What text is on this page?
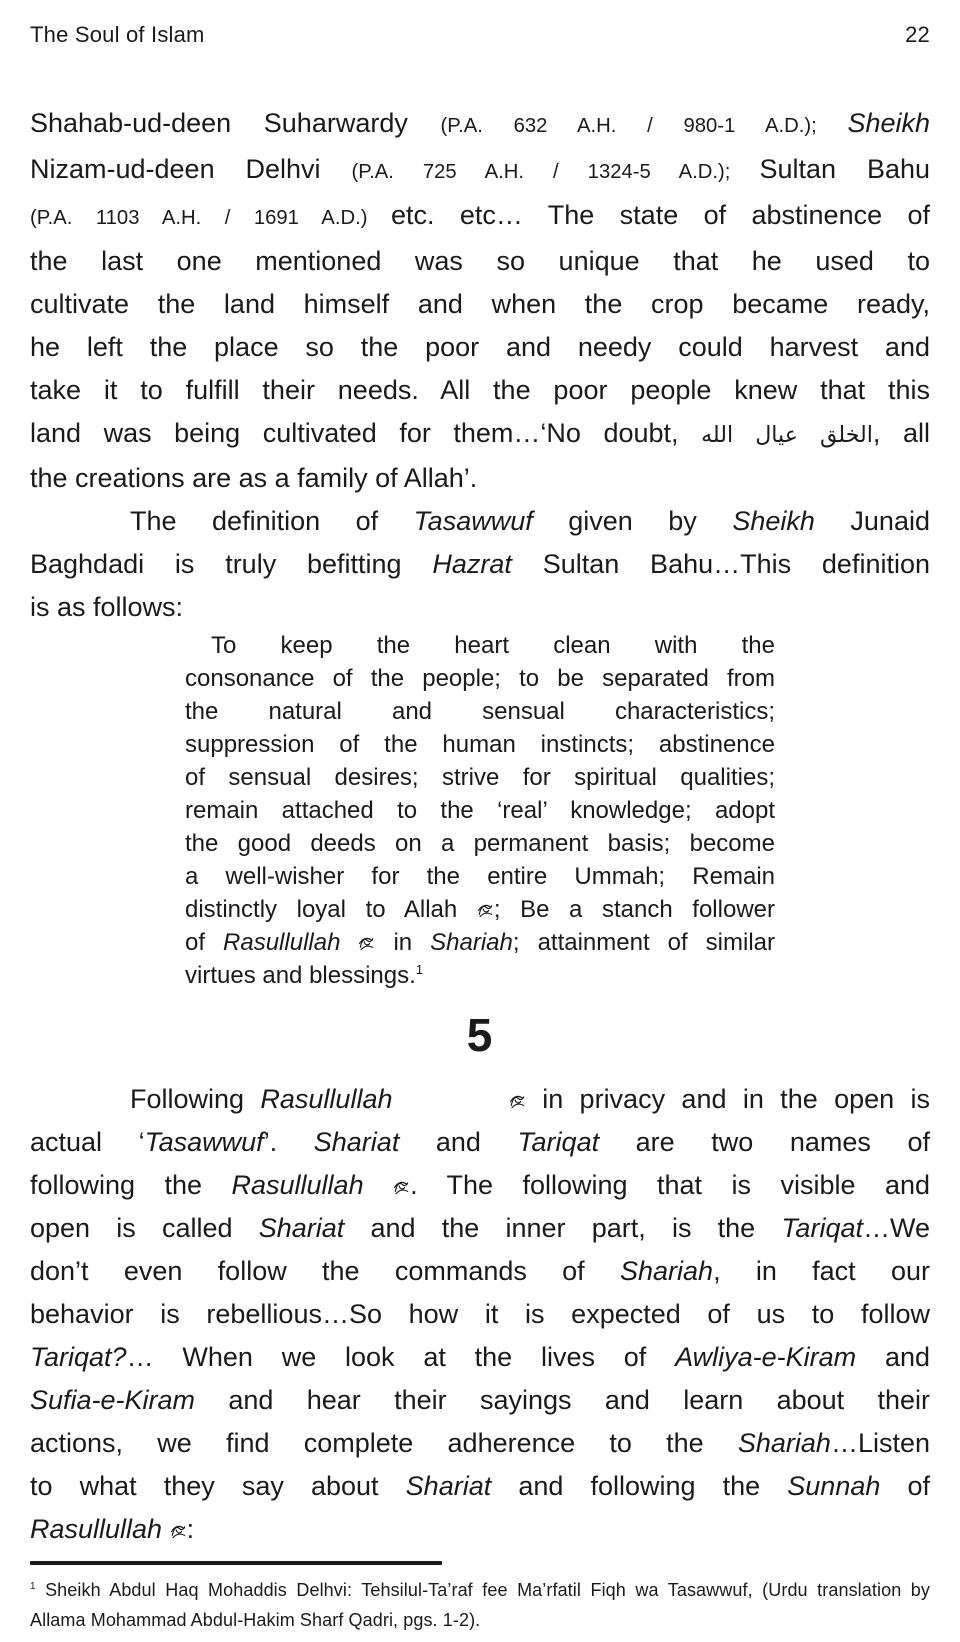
The Soul of Islam	22
Shahab-ud-deen Suharwardy (P.A. 632 A.H. / 980-1 A.D.); Sheikh
Nizam-ud-deen Delhvi (P.A. 725 A.H. / 1324-5 A.D.); Sultan Bahu
(P.A. 1103 A.H. / 1691 A.D.) etc. etc… The state of abstinence of
the last one mentioned was so unique that he used to
cultivate the land himself and when the crop became ready,
he left the place so the poor and needy could harvest and
take it to fulfill their needs. All the poor people knew that this
land was being cultivated for them…‘No doubt, الخلق عيال الله, all
the creations are as a family of Allah’.
The definition of Tasawwuf given by Sheikh Junaid
Baghdadi is truly befitting Hazrat Sultan Bahu…This definition
is as follows:
To keep the heart clean with the
consonance of the people; to be separated from
the natural and sensual characteristics;
suppression of the human instincts; abstinence
of sensual desires; strive for spiritual qualities;
remain attached to the ‘real’ knowledge; adopt
the good deeds on a permanent basis; become
a well-wisher for the entire Ummah; Remain
distinctly loyal to Allah ; Be a stanch follower
of Rasullullah  in Shariah; attainment of similar
virtues and blessings.$^1$
5
Following Rasullullah	in privacy and in the open is
actual ‘Tasawwuf’. Shariat and Tariqat are two names of
following the Rasullullah . The following that is visible and
open is called Shariat and the inner part, is the Tariqat…We
don’t even follow the commands of Shariah, in fact our
behavior is rebellious…So how it is expected of us to follow
Tariqat?… When we look at the lives of Awliya-e-Kiram and
Sufia-e-Kiram and hear their sayings and learn about their
actions, we find complete adherence to the Shariah…Listen
to what they say about Shariat and following the Sunnah of
Rasullullah :
$^1$ Sheikh Abdul Haq Mohaddis Delhvi: Tehsilul-Ta’raf fee Ma’rfatil Fiqh wa Tasawwuf, (Urdu translation by
Allama Mohammad Abdul-Hakim Sharf Qadri, pgs. 1-2).
